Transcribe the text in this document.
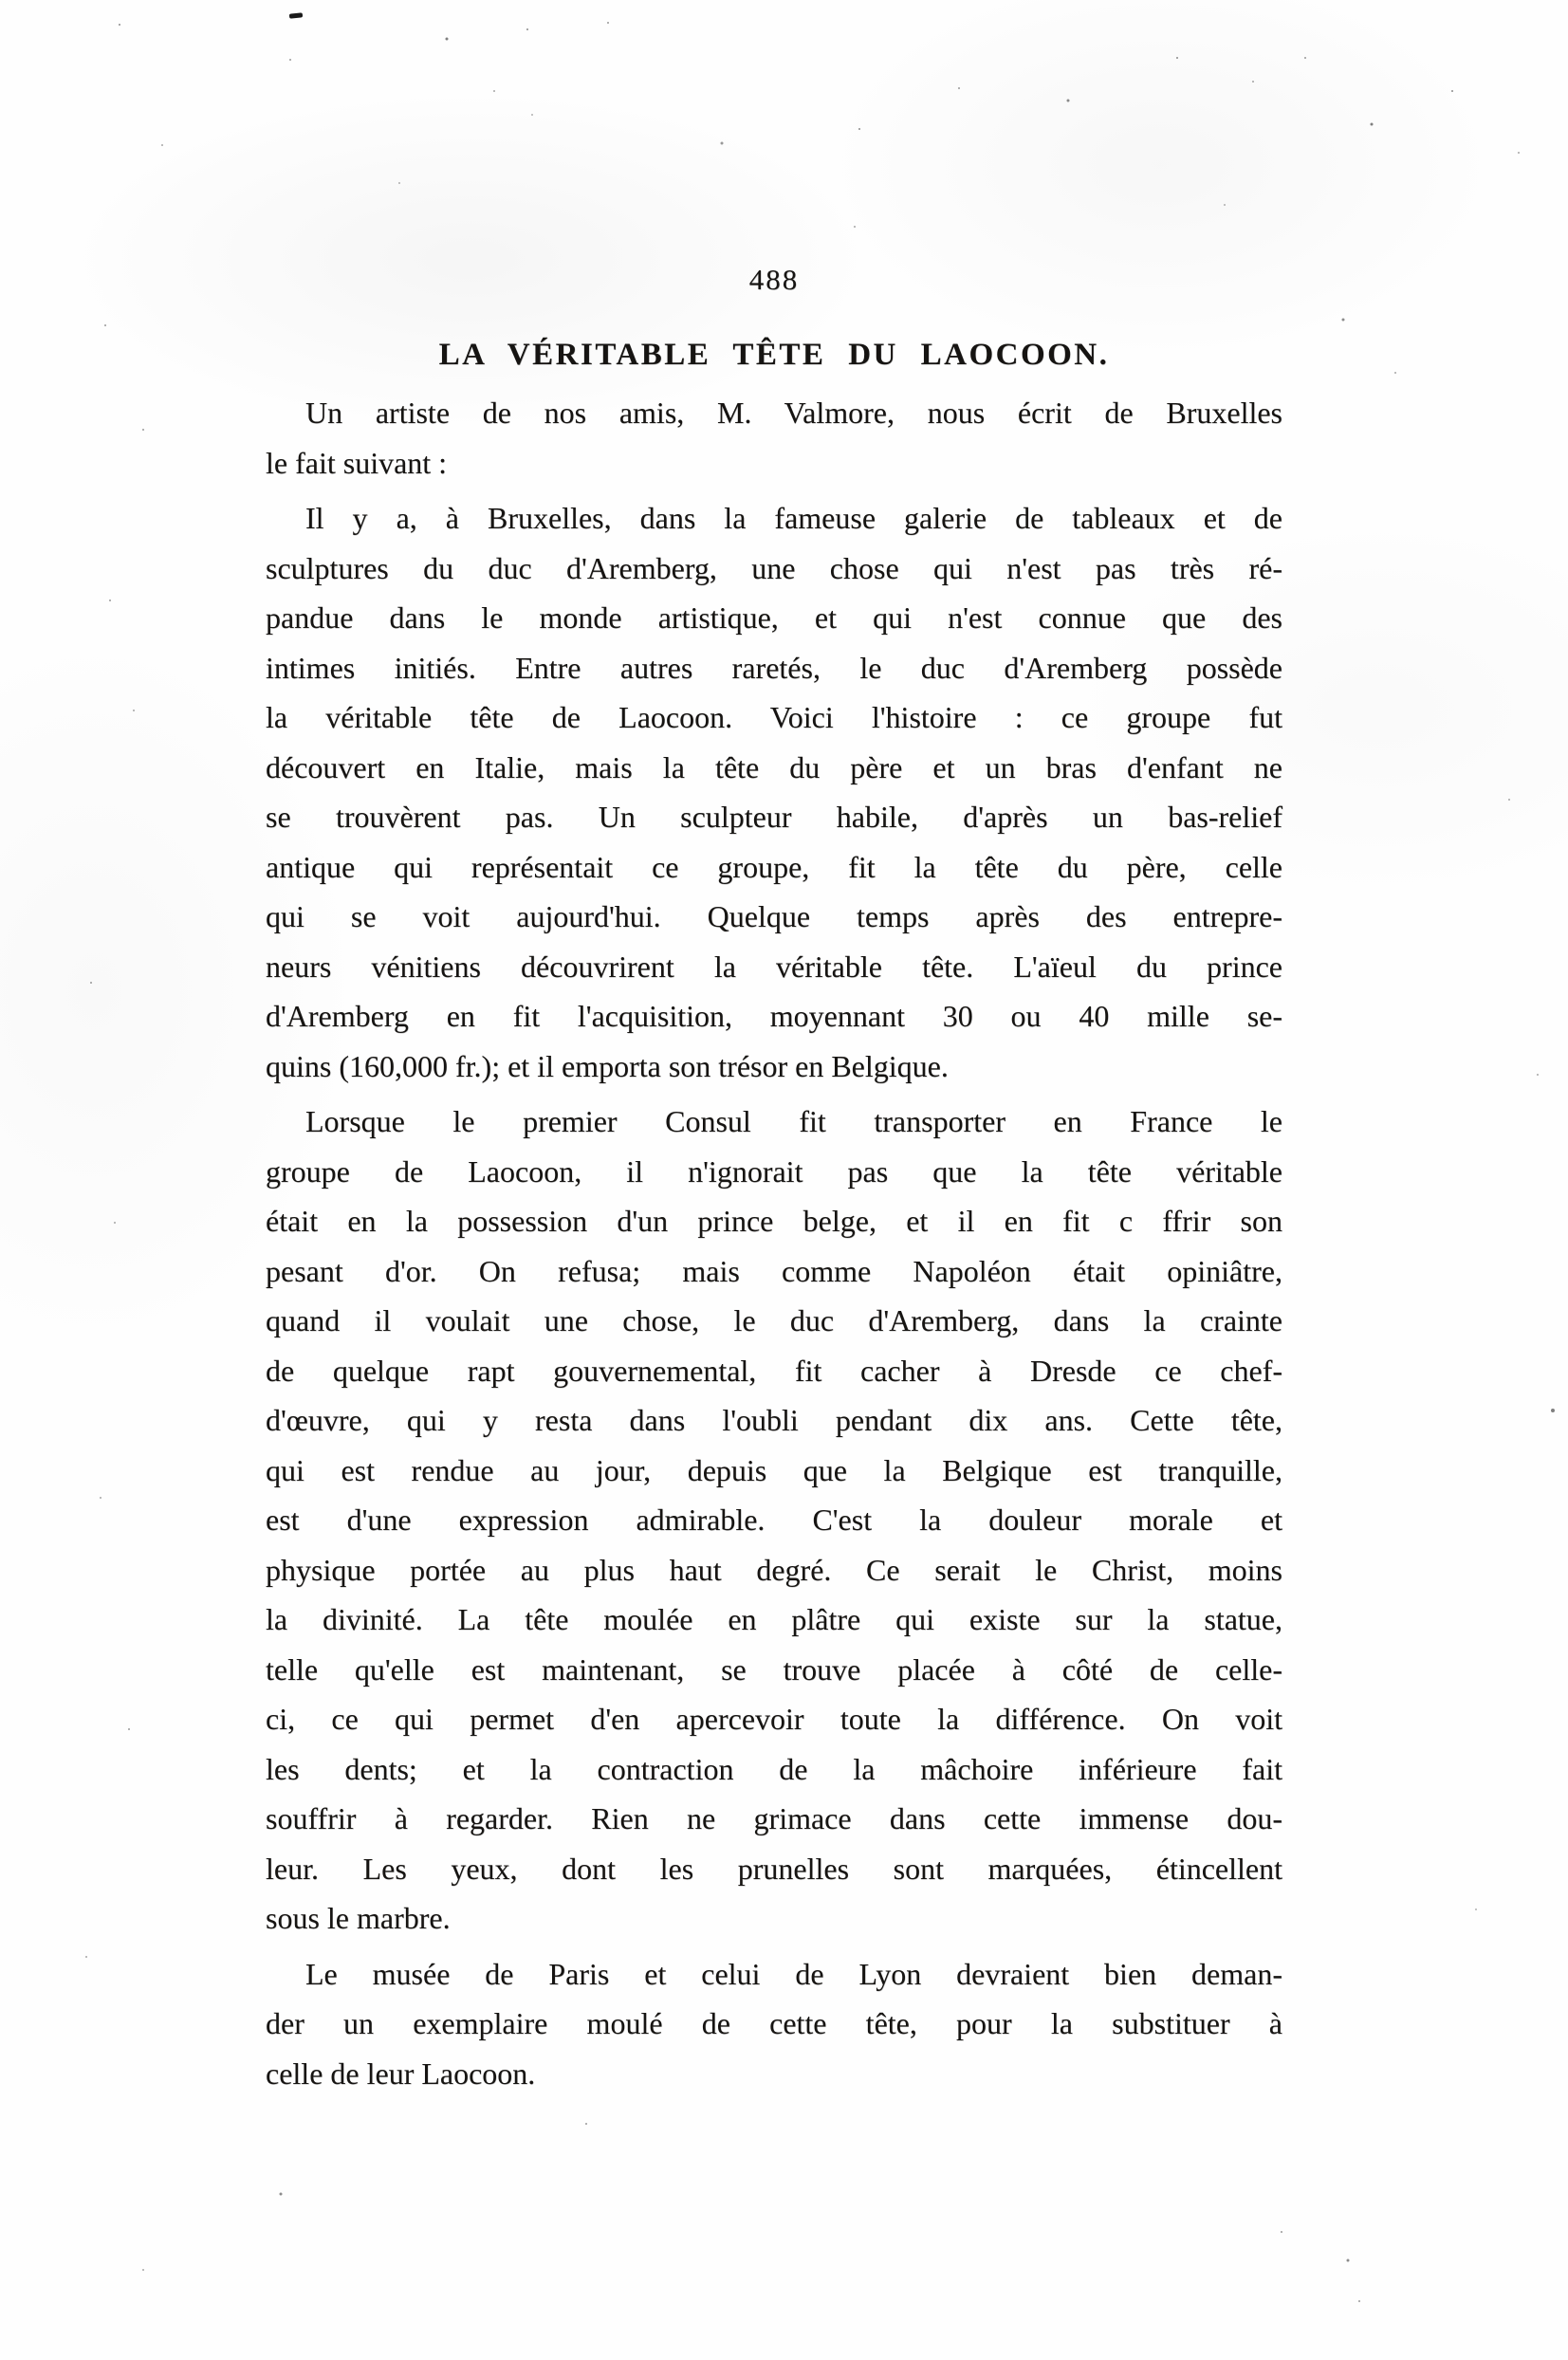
488
LA VÉRITABLE TÊTE DU LAOCOON.
Un artiste de nos amis, M. Valmore, nous écrit de Bruxelles
le fait suivant :
Il y a, à Bruxelles, dans la fameuse galerie de tableaux et de
sculptures du duc d'Aremberg, une chose qui n'est pas très ré-
pandue dans le monde artistique, et qui n'est connue que des
intimes initiés. Entre autres raretés, le duc d'Aremberg possède
la véritable tête de Laocoon. Voici l'histoire : ce groupe fut
découvert en Italie, mais la tête du père et un bras d'enfant ne
se trouvèrent pas. Un sculpteur habile, d'après un bas-relief
antique qui représentait ce groupe, fit la tête du père, celle
qui se voit aujourd'hui. Quelque temps après des entrepre-
neurs vénitiens découvrirent la véritable tête. L'aïeul du prince
d'Aremberg en fit l'acquisition, moyennant 30 ou 40 mille se-
quins (160,000 fr.); et il emporta son trésor en Belgique.
Lorsque le premier Consul fit transporter en France le
groupe de Laocoon, il n'ignorait pas que la tête véritable
était en la possession d'un prince belge, et il en fit c ffrir son
pesant d'or. On refusa; mais comme Napoléon était opiniâtre,
quand il voulait une chose, le duc d'Aremberg, dans la crainte
de quelque rapt gouvernemental, fit cacher à Dresde ce chef-
d'œuvre, qui y resta dans l'oubli pendant dix ans. Cette tête,
qui est rendue au jour, depuis que la Belgique est tranquille,
est d'une expression admirable. C'est la douleur morale et
physique portée au plus haut degré. Ce serait le Christ, moins
la divinité. La tête moulée en plâtre qui existe sur la statue,
telle qu'elle est maintenant, se trouve placée à côté de celle-
ci, ce qui permet d'en apercevoir toute la différence. On voit
les dents; et la contraction de la mâchoire inférieure fait
souffrir à regarder. Rien ne grimace dans cette immense dou-
leur. Les yeux, dont les prunelles sont marquées, étincellent
sous le marbre.
Le musée de Paris et celui de Lyon devraient bien deman-
der un exemplaire moulé de cette tête, pour la substituer à
celle de leur Laocoon.
